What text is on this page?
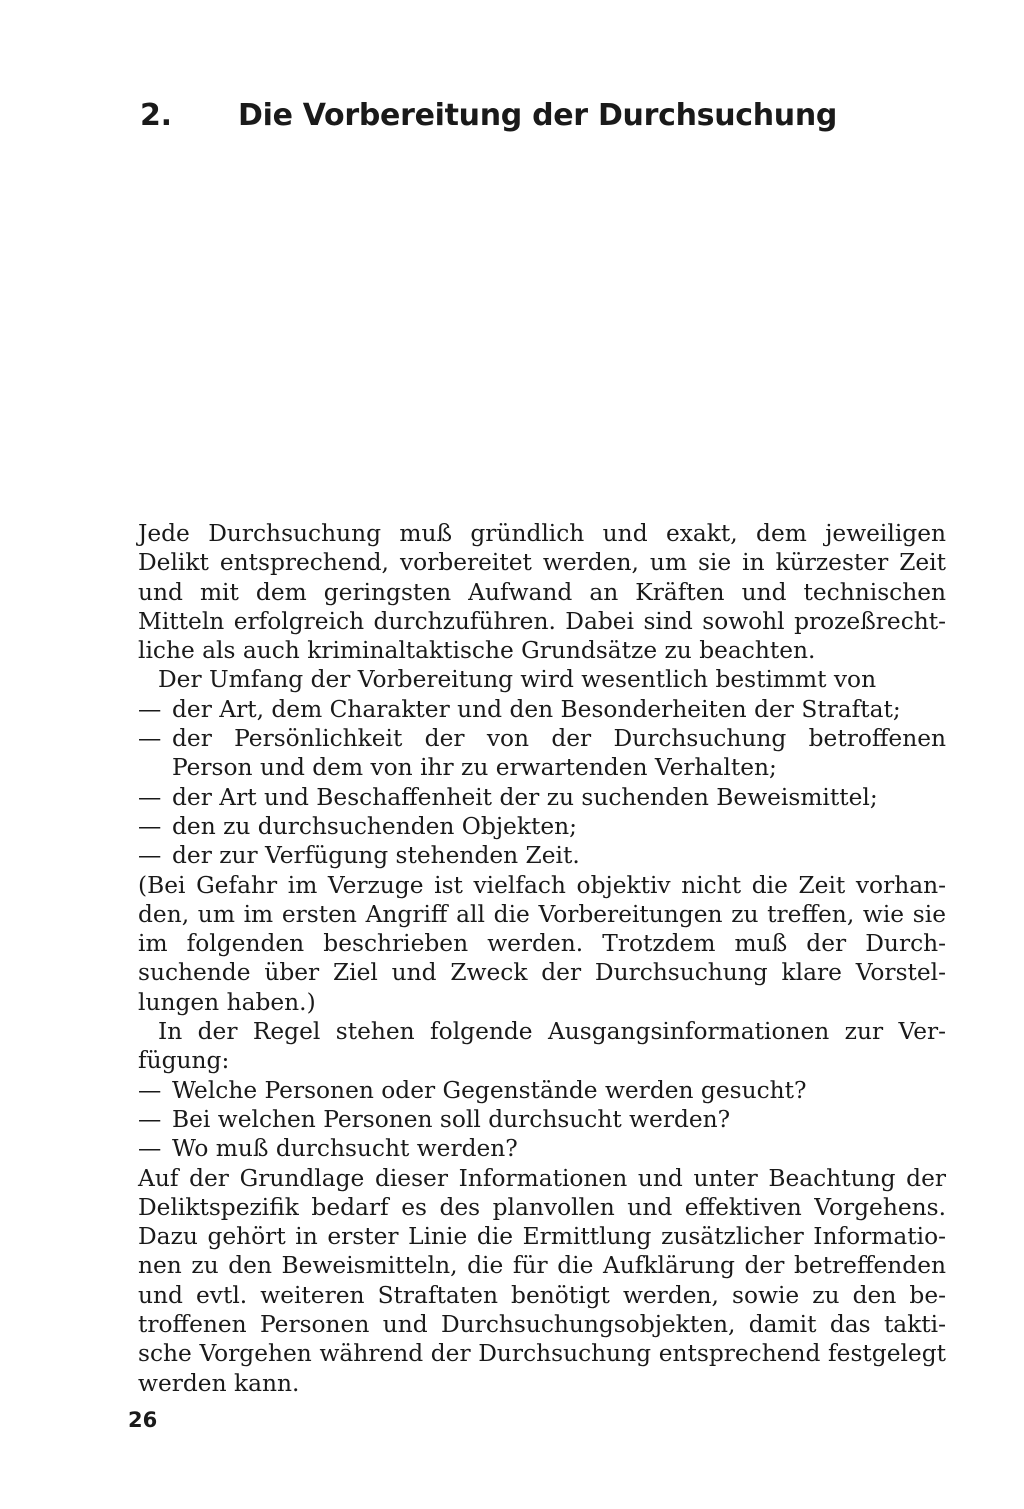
2. Die Vorbereitung der Durchsuchung
Jede Durchsuchung muß gründlich und exakt, dem jeweiligen
Delikt entsprechend, vorbereitet werden, um sie in kürzester Zeit
und mit dem geringsten Aufwand an Kräften und technischen
Mitteln erfolgreich durchzuführen. Dabei sind sowohl prozeßrecht-
liche als auch kriminaltaktische Grundsätze zu beachten.
Der Umfang der Vorbereitung wird wesentlich bestimmt von
— der Art, dem Charakter und den Besonderheiten der Straftat;
— der Persönlichkeit der von der Durchsuchung betroffenen
Person und dem von ihr zu erwartenden Verhalten;
— der Art und Beschaffenheit der zu suchenden Beweismittel;
— den zu durchsuchenden Objekten;
— der zur Verfügung stehenden Zeit.
(Bei Gefahr im Verzuge ist vielfach objektiv nicht die Zeit vorhan-
den, um im ersten Angriff all die Vorbereitungen zu treffen, wie sie
im folgenden beschrieben werden. Trotzdem muß der Durch-
suchende über Ziel und Zweck der Durchsuchung klare Vorstel-
lungen haben.)
In der Regel stehen folgende Ausgangsinformationen zur Ver-
fügung:
— Welche Personen oder Gegenstände werden gesucht?
— Bei welchen Personen soll durchsucht werden?
— Wo muß durchsucht werden?
Auf der Grundlage dieser Informationen und unter Beachtung der
Deliktspezifik bedarf es des planvollen und effektiven Vorgehens.
Dazu gehört in erster Linie die Ermittlung zusätzlicher Informatio-
nen zu den Beweismitteln, die für die Aufklärung der betreffenden
und evtl. weiteren Straftaten benötigt werden, sowie zu den be-
troffenen Personen und Durchsuchungsobjekten, damit das takti-
sche Vorgehen während der Durchsuchung entsprechend festgelegt
werden kann.
26
